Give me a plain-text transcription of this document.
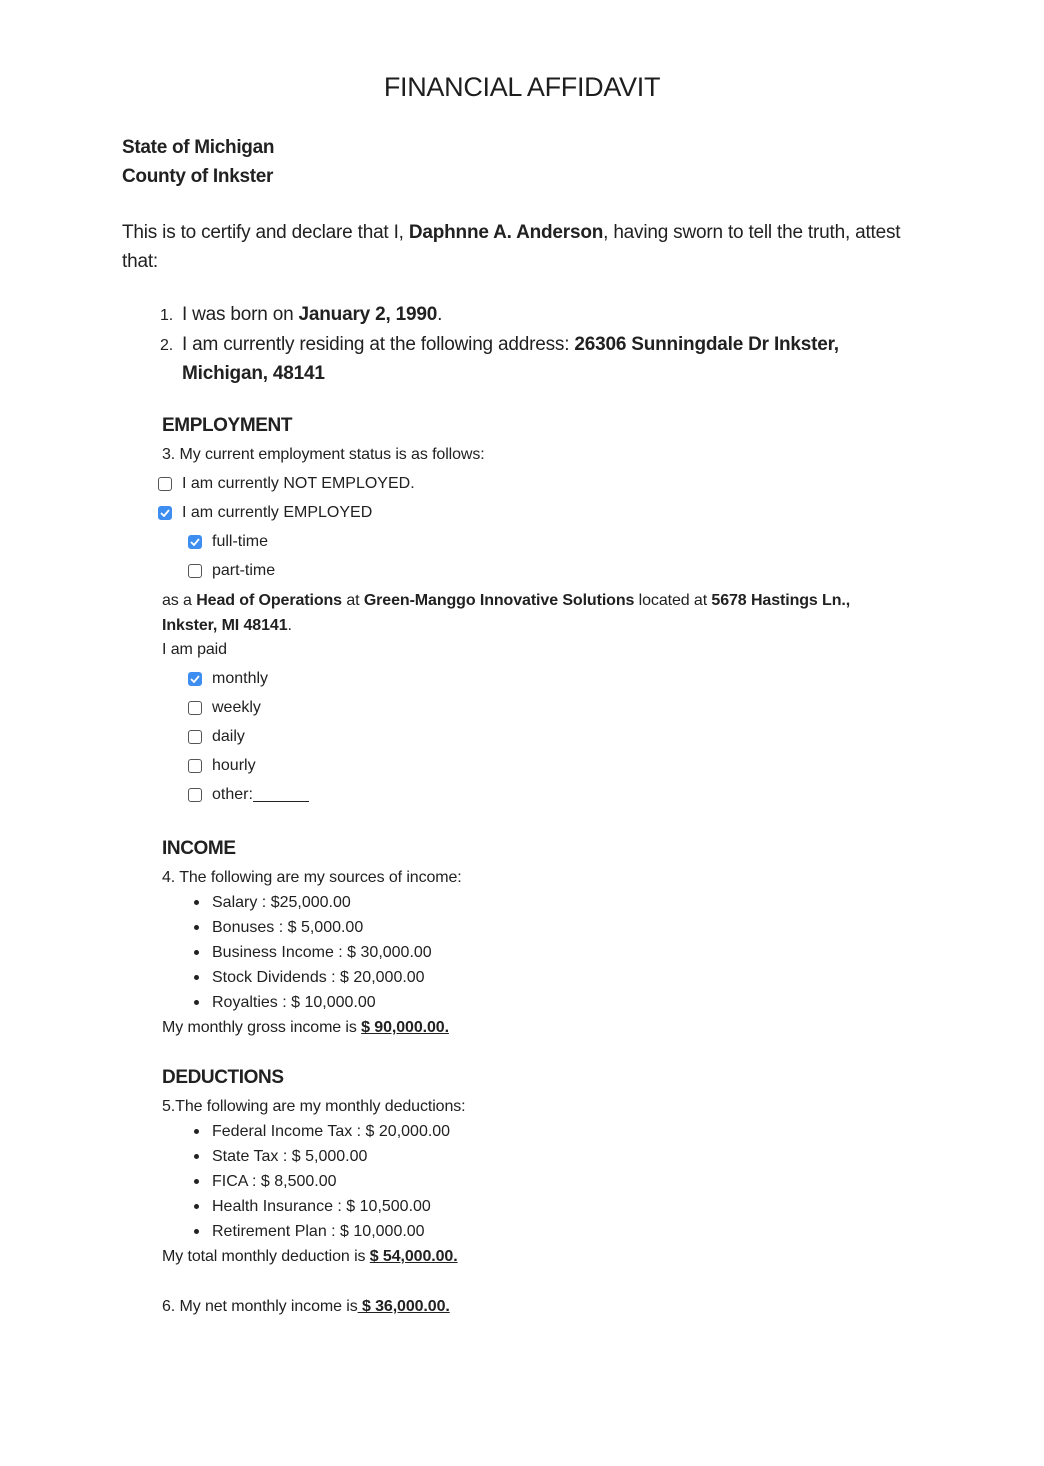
FINANCIAL AFFIDAVIT
State of Michigan
County of Inkster
This is to certify and declare that I, Daphnne A. Anderson, having sworn to tell the truth, attest that:
1. I was born on January 2, 1990.
2. I am currently residing at the following address: 26306 Sunningdale Dr Inkster, Michigan, 48141
EMPLOYMENT
3. My current employment status is as follows:
I am currently NOT EMPLOYED.
I am currently EMPLOYED
full-time
part-time
as a Head of Operations at Green-Manggo Innovative Solutions located at 5678 Hastings Ln., Inkster, MI 48141.
I am paid
monthly
weekly
daily
hourly
other:
INCOME
4. The following are my sources of income:
Salary : $25,000.00
Bonuses : $ 5,000.00
Business Income : $ 30,000.00
Stock Dividends : $ 20,000.00
Royalties : $ 10,000.00
My monthly gross income is $ 90,000.00.
DEDUCTIONS
5.The following are my monthly deductions:
Federal Income Tax : $ 20,000.00
State Tax : $ 5,000.00
FICA : $ 8,500.00
Health Insurance : $ 10,500.00
Retirement Plan : $ 10,000.00
My total monthly deduction is $ 54,000.00.
6. My net monthly income is $ 36,000.00.
